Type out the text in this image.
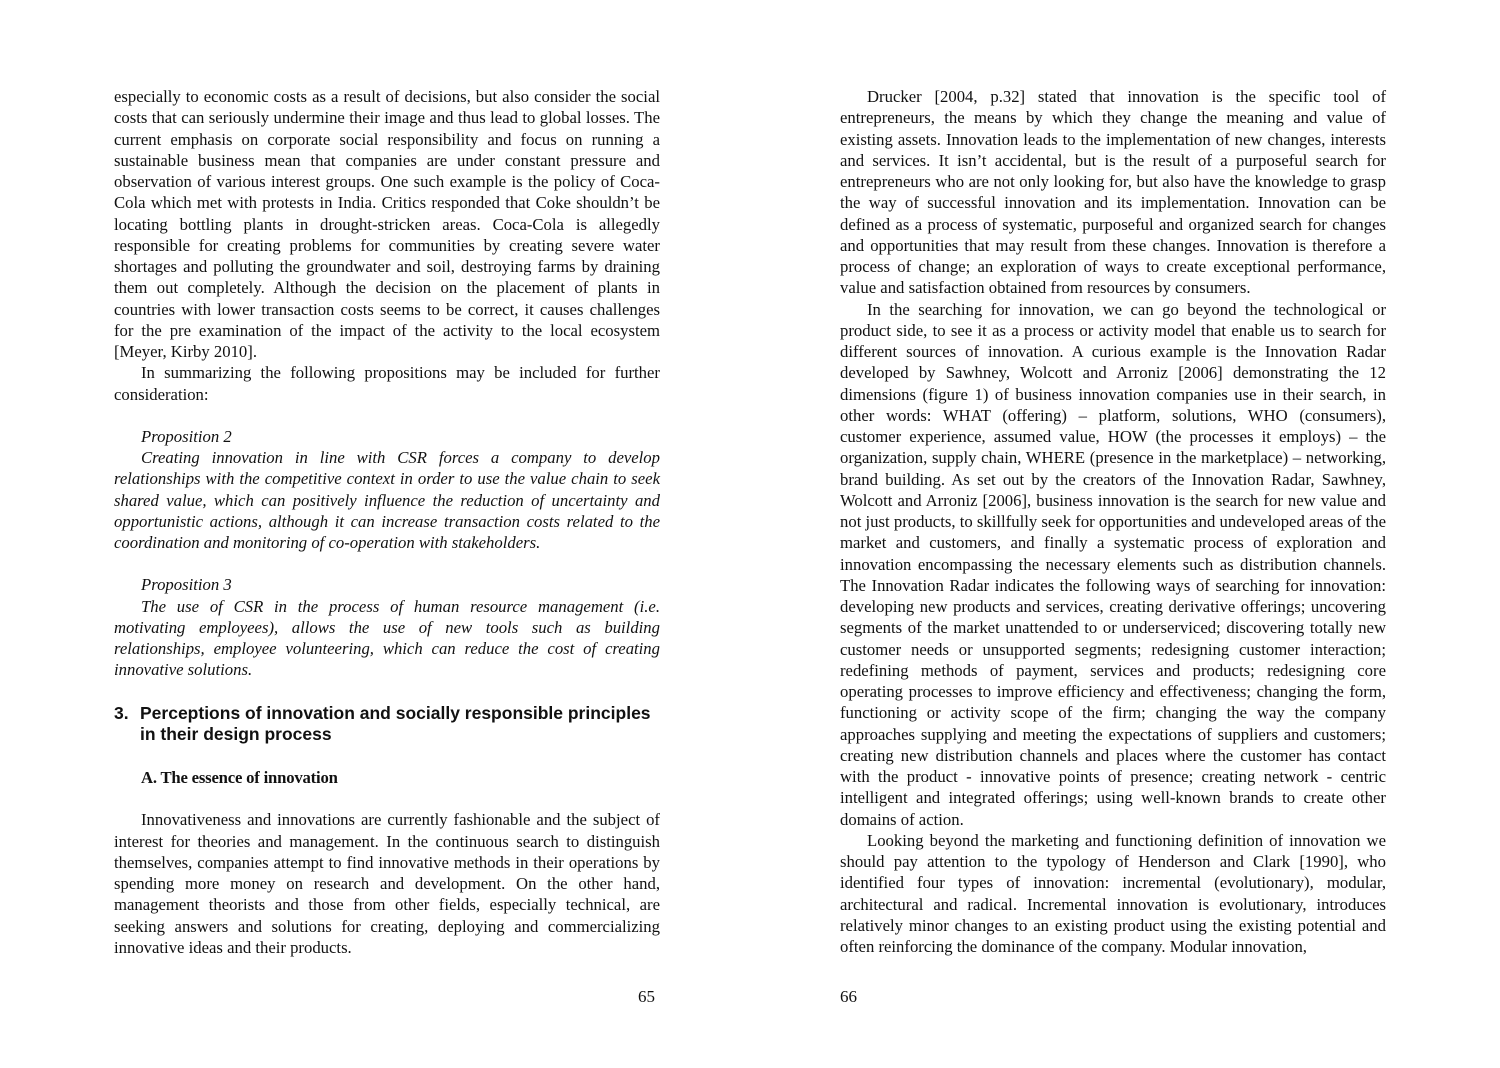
especially to economic costs as a result of decisions, but also consider the social costs that can seriously undermine their image and thus lead to global losses. The current emphasis on corporate social responsibility and focus on running a sustainable business mean that companies are under constant pressure and observation of various interest groups. One such example is the policy of Coca-Cola which met with protests in India. Critics responded that Coke shouldn’t be locating bottling plants in drought-stricken areas. Coca-Cola is allegedly responsible for creating problems for communities by creating severe water shortages and polluting the groundwater and soil, destroying farms by draining them out completely. Although the decision on the placement of plants in countries with lower transaction costs seems to be correct, it causes challenges for the pre examination of the impact of the activity to the local ecosystem [Meyer, Kirby 2010].

In summarizing the following propositions may be included for further consideration:

Proposition 2

Creating innovation in line with CSR forces a company to develop relationships with the competitive context in order to use the value chain to seek shared value, which can positively influence the reduction of uncertainty and opportunistic actions, although it can increase transaction costs related to the coordination and monitoring of co-operation with stakeholders.

Proposition 3

The use of CSR in the process of human resource management (i.e. motivating employees), allows the use of new tools such as building relationships, employee volunteering, which can reduce the cost of creating innovative solutions.

3. Perceptions of innovation and socially responsible principles in their design process
A. The essence of innovation

Innovativeness and innovations are currently fashionable and the subject of interest for theories and management. In the continuous search to distinguish themselves, companies attempt to find innovative methods in their operations by spending more money on research and development. On the other hand, management theorists and those from other fields, especially technical, are seeking answers and solutions for creating, deploying and commercializing innovative ideas and their products.

Drucker [2004, p.32] stated that innovation is the specific tool of entrepreneurs, the means by which they change the meaning and value of existing assets. Innovation leads to the implementation of new changes, interests and services. It isn’t accidental, but is the result of a purposeful search for entrepreneurs who are not only looking for, but also have the knowledge to grasp the way of successful innovation and its implementation. Innovation can be defined as a process of systematic, purposeful and organized search for changes and opportunities that may result from these changes. Innovation is therefore a process of change; an exploration of ways to create exceptional performance, value and satisfaction obtained from resources by consumers.

In the searching for innovation, we can go beyond the technological or product side, to see it as a process or activity model that enable us to search for different sources of innovation. A curious example is the Innovation Radar developed by Sawhney, Wolcott and Arroniz [2006] demonstrating the 12 dimensions (figure 1) of business innovation companies use in their search, in other words: WHAT (offering) – platform, solutions, WHO (consumers), customer experience, assumed value, HOW (the processes it employs) – the organization, supply chain, WHERE (presence in the marketplace) – networking, brand building. As set out by the creators of the Innovation Radar, Sawhney, Wolcott and Arroniz [2006], business innovation is the search for new value and not just products, to skillfully seek for opportunities and undeveloped areas of the market and customers, and finally a systematic process of exploration and innovation encompassing the necessary elements such as distribution channels. The Innovation Radar indicates the following ways of searching for innovation: developing new products and services, creating derivative offerings; uncovering segments of the market unattended to or underserviced; discovering totally new customer needs or unsupported segments; redesigning customer interaction; redefining methods of payment, services and products; redesigning core operating processes to improve efficiency and effectiveness; changing the form, functioning or activity scope of the firm; changing the way the company approaches supplying and meeting the expectations of suppliers and customers; creating new distribution channels and places where the customer has contact with the product - innovative points of presence; creating network - centric intelligent and integrated offerings; using well-known brands to create other domains of action.

Looking beyond the marketing and functioning definition of innovation we should pay attention to the typology of Henderson and Clark [1990], who identified four types of innovation: incremental (evolutionary), modular, architectural and radical. Incremental innovation is evolutionary, introduces relatively minor changes to an existing product using the existing potential and often reinforcing the dominance of the company. Modular innovation,

65	66
